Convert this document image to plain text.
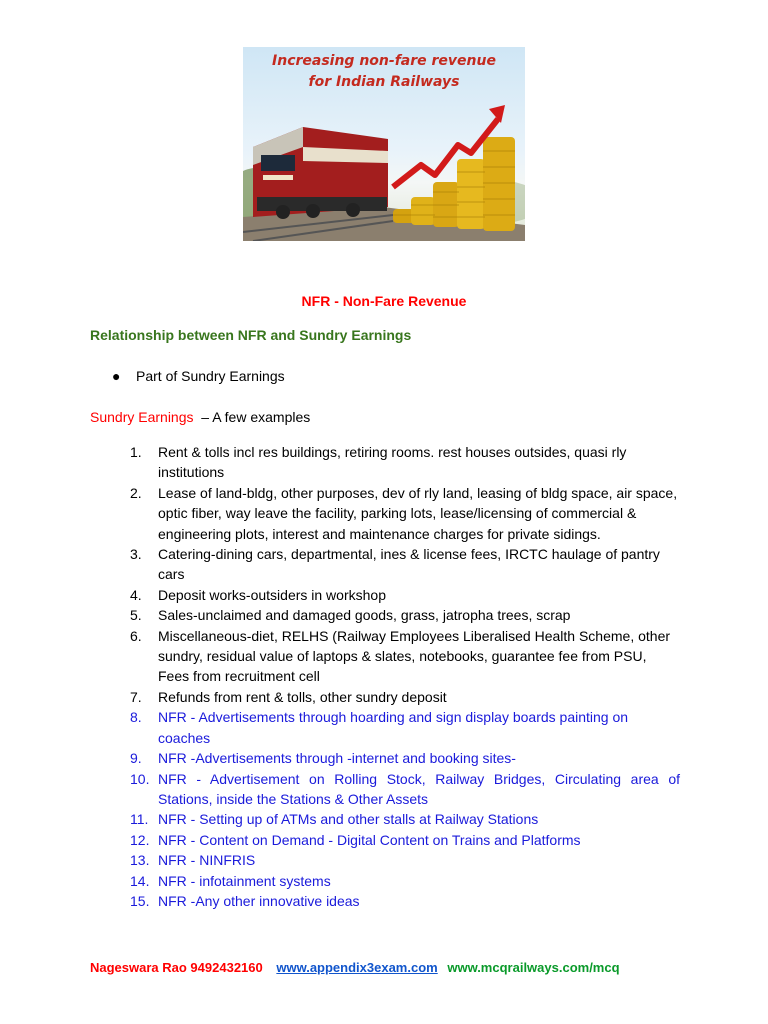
Increasing non-fare revenue
for Indian Railways
NFR - Non-Fare Revenue
Relationship between NFR and Sundry Earnings
● Part of Sundry Earnings
Sundry Earnings  – A few examples
1.	Rent & tolls incl res buildings, retiring rooms. rest houses outsides, quasi rly institutions
2.	Lease of land-bldg, other purposes, dev of rly land, leasing of bldg space, air space, optic fiber, way leave the facility, parking lots, lease/licensing of commercial & engineering plots, interest and maintenance charges for private sidings.
3.	Catering-dining cars, departmental, ines & license fees, IRCTC haulage of pantry cars
4.	Deposit works-outsiders in workshop
5.	Sales-unclaimed and damaged goods, grass, jatropha trees, scrap
6.	Miscellaneous-diet, RELHS (Railway Employees Liberalised Health Scheme, other sundry, residual value of laptops & slates, notebooks, guarantee fee from PSU, Fees from recruitment cell
7.	Refunds from rent & tolls, other sundry deposit
8.	NFR - Advertisements through hoarding and sign display boards painting on coaches
9.	NFR -Advertisements through -internet and booking sites-
10. NFR - Advertisement on Rolling Stock, Railway Bridges, Circulating area of Stations, inside the Stations & Other Assets
11. NFR - Setting up of ATMs and other stalls at Railway Stations
12. NFR - Content on Demand - Digital Content on Trains and Platforms
13. NFR - NINFRIS
14. NFR - infotainment systems
15. NFR -Any other innovative ideas
Nageswara Rao 9492432160 www.appendix3exam.com www.mcqrailways.com/mcq
